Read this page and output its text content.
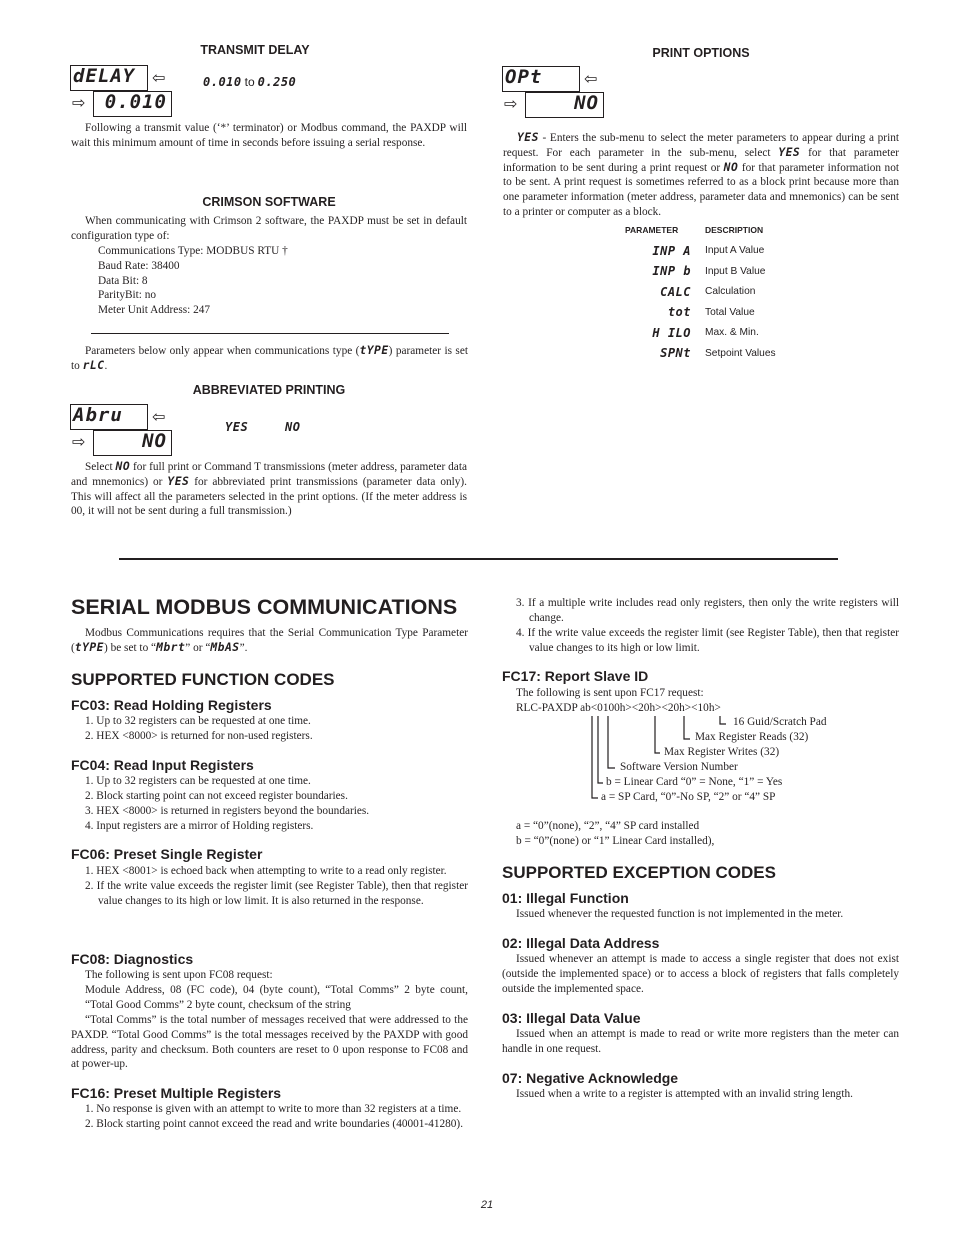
TRANSMIT DELAY
dELAY ⇦
⇨ 0.010
0.010 to 0.250
Following a transmit value (‘*’ terminator) or Modbus command, the PAXDP will wait this minimum amount of time in seconds before issuing a serial response.
CRIMSON SOFTWARE
When communicating with Crimson 2 software, the PAXDP must be set in default configuration type of:
Communications Type: MODBUS RTU †
Baud Rate: 38400
Data Bit: 8
ParityBit: no
Meter Unit Address: 247
Parameters below only appear when communications type (tYPE) parameter is set to rLC.
ABBREVIATED PRINTING
Abru ⇦
⇨	NO
YES	NO
Select NO for full print or Command T transmissions (meter address, parameter data and mnemonics) or YES for abbreviated print transmissions (parameter data only). This will affect all the parameters selected in the print options. (If the meter address is 00, it will not be sent during a full transmission.)
PRINT OPTIONS
OPt	⇦
⇨	NO
YES - Enters the sub-menu to select the meter parameters to appear during a print request. For each parameter in the sub-menu, select YES for that parameter information to be sent during a print request or NO for that parameter information not to be sent. A print request is sometimes referred to as a block print because more than one parameter information (meter address, parameter data and mnemonics) can be sent to a printer or computer as a block.
PARAMETER	DESCRIPTION
INP A	Input A Value
INP b	Input B Value
CALC	Calculation
tot	Total Value
H ILO	Max. & Min.
SPNt	Setpoint Values
SERIAL MODBUS COMMUNICATIONS
Modbus Communications requires that the Serial Communication Type Parameter (tYPE) be set to “Mbrt” or “MbAS”.
SUPPORTED FUNCTION CODES
FC03: Read Holding Registers
1. Up to 32 registers can be requested at one time.
2. HEX <8000> is returned for non-used registers.
FC04: Read Input Registers
1. Up to 32 registers can be requested at one time.
2. Block starting point can not exceed register boundaries.
3. HEX <8000> is returned in registers beyond the boundaries.
4. Input registers are a mirror of Holding registers.
FC06: Preset Single Register
1. HEX <8001> is echoed back when attempting to write to a read only register.
2. If the write value exceeds the register limit (see Register Table), then that register value changes to its high or low limit. It is also returned in the response.
FC08: Diagnostics
The following is sent upon FC08 request:
Module Address, 08 (FC code), 04 (byte count), “Total Comms” 2 byte count, “Total Good Comms” 2 byte count, checksum of the string
“Total Comms” is the total number of messages received that were addressed to the PAXDP. “Total Good Comms” is the total messages received by the PAXDP with good address, parity and checksum. Both counters are reset to 0 upon response to FC08 and at power-up.
FC16: Preset Multiple Registers
1. No response is given with an attempt to write to more than 32 registers at a time.
2. Block starting point cannot exceed the read and write boundaries (40001-41280).
3. If a multiple write includes read only registers, then only the write registers will change.
4. If the write value exceeds the register limit (see Register Table), then that register value changes to its high or low limit.
FC17: Report Slave ID
The following is sent upon FC17 request:
RLC-PAXDP ab<0100h><20h><20h><10h>
16 Guid/Scratch Pad
Max Register Reads (32)
Max Register Writes (32)
Software Version Number
b = Linear Card “0” = None, “1” = Yes
a = SP Card, “0”-No SP, “2” or “4” SP
a = “0”(none), “2”, “4” SP card installed
b = “0”(none) or “1” Linear Card installed),
SUPPORTED EXCEPTION CODES
01: Illegal Function
Issued whenever the requested function is not implemented in the meter.
02: Illegal Data Address
Issued whenever an attempt is made to access a single register that does not exist (outside the implemented space) or to access a block of registers that falls completely outside the implemented space.
03: Illegal Data Value
Issued when an attempt is made to read or write more registers than the meter can handle in one request.
07: Negative Acknowledge
Issued when a write to a register is attempted with an invalid string length.
21
